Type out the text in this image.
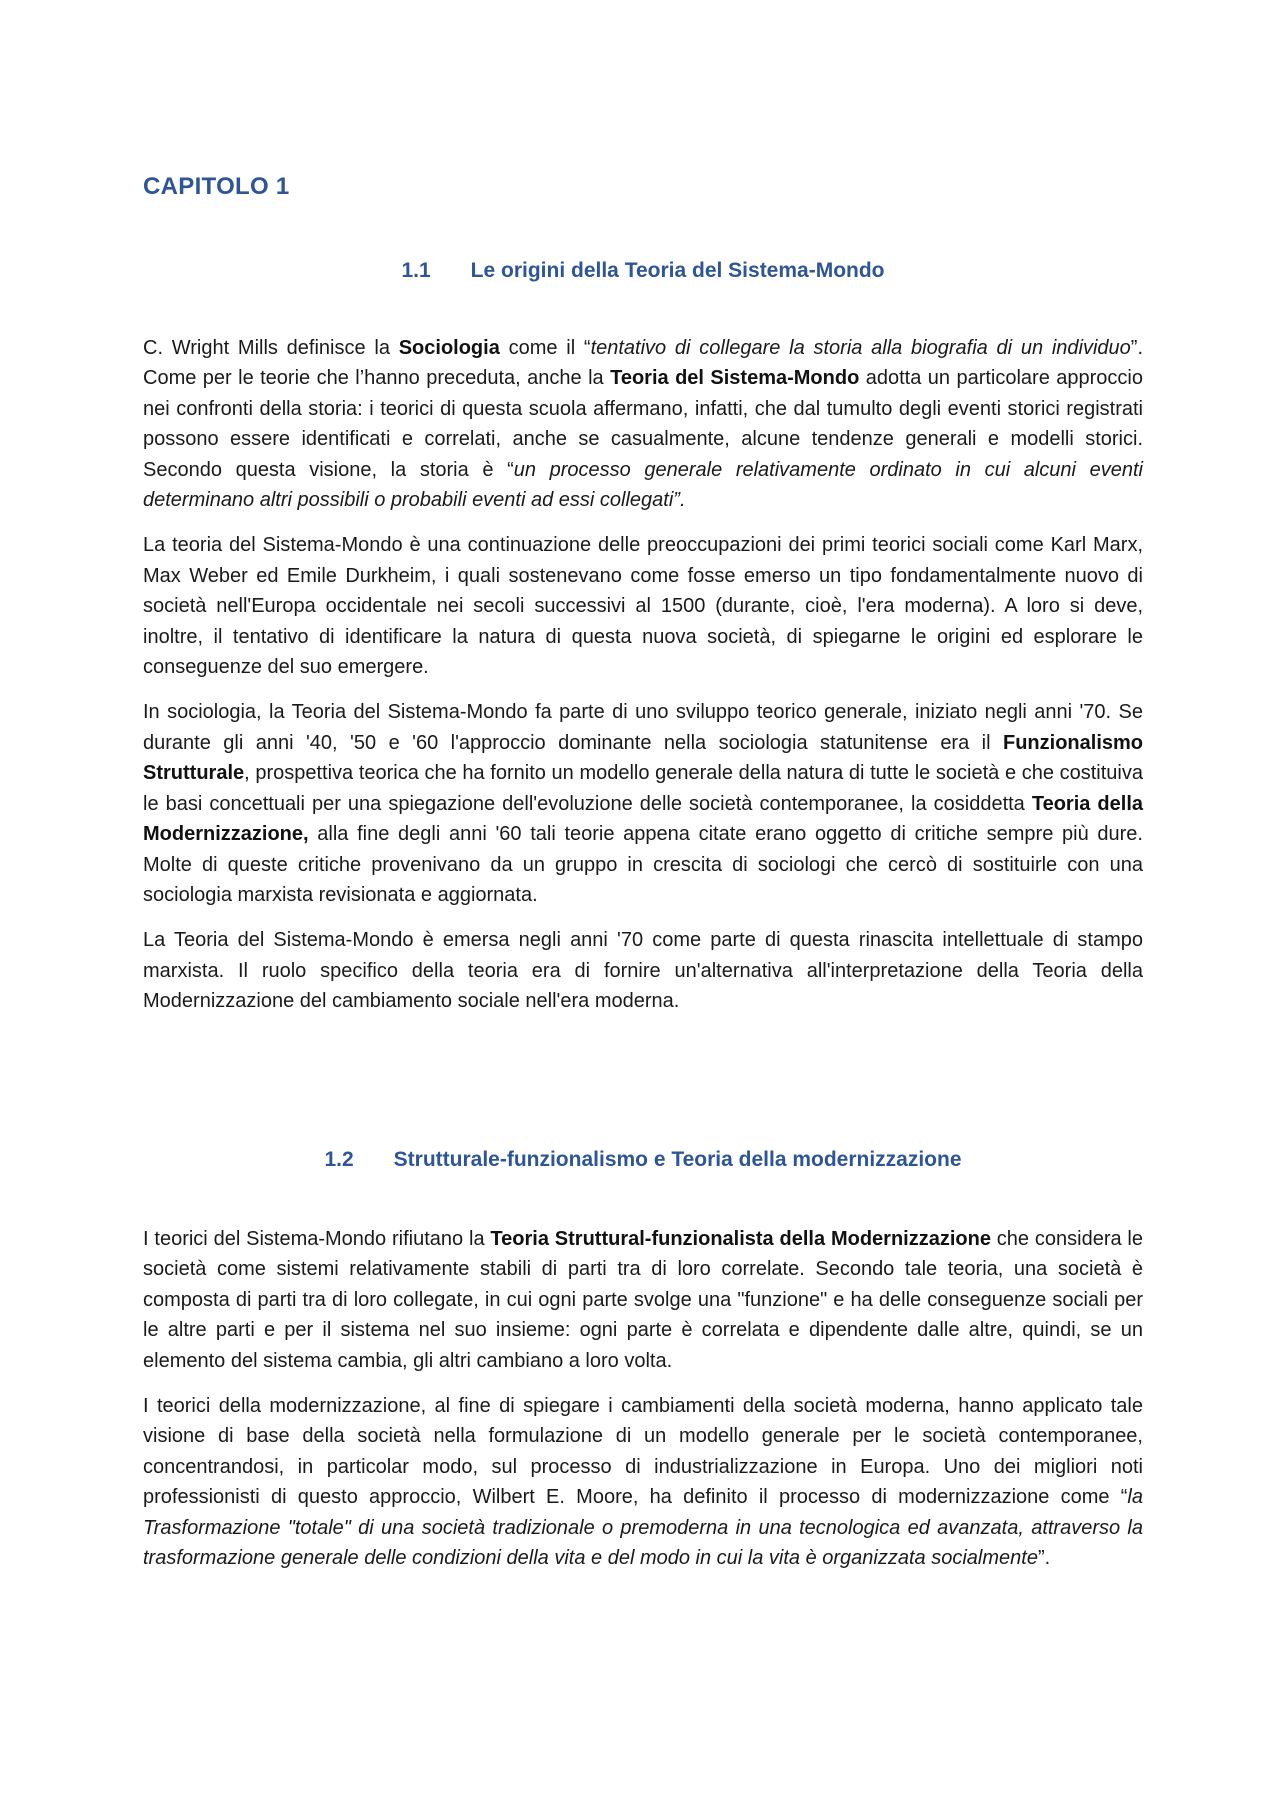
CAPITOLO 1
1.1 Le origini della Teoria del Sistema-Mondo

C. Wright Mills definisce la Sociologia come il “tentativo di collegare la storia alla biografia di un individuo”. Come per le teorie che l’hanno preceduta, anche la Teoria del Sistema-Mondo adotta un particolare approccio nei confronti della storia: i teorici di questa scuola affermano, infatti, che dal tumulto degli eventi storici registrati possono essere identificati e correlati, anche se casualmente, alcune tendenze generali e modelli storici. Secondo questa visione, la storia è “un processo generale relativamente ordinato in cui alcuni eventi determinano altri possibili o probabili eventi ad essi collegati”.

La teoria del Sistema-Mondo è una continuazione delle preoccupazioni dei primi teorici sociali come Karl Marx, Max Weber ed Emile Durkheim, i quali sostenevano come fosse emerso un tipo fondamentalmente nuovo di società nell'Europa occidentale nei secoli successivi al 1500 (durante, cioè, l'era moderna). A loro si deve, inoltre, il tentativo di identificare la natura di questa nuova società, di spiegarne le origini ed esplorare le conseguenze del suo emergere.

In sociologia, la Teoria del Sistema-Mondo fa parte di uno sviluppo teorico generale, iniziato negli anni '70. Se durante gli anni '40, '50 e '60 l'approccio dominante nella sociologia statunitense era il Funzionalismo Strutturale, prospettiva teorica che ha fornito un modello generale della natura di tutte le società e che costituiva le basi concettuali per una spiegazione dell'evoluzione delle società contemporanee, la cosiddetta Teoria della Modernizzazione, alla fine degli anni '60 tali teorie appena citate erano oggetto di critiche sempre più dure. Molte di queste critiche provenivano da un gruppo in crescita di sociologi che cercò di sostituirle con una sociologia marxista revisionata e aggiornata.

La Teoria del Sistema-Mondo è emersa negli anni '70 come parte di questa rinascita intellettuale di stampo marxista. Il ruolo specifico della teoria era di fornire un'alternativa all'interpretazione della Teoria della Modernizzazione del cambiamento sociale nell'era moderna.

1.2 Strutturale-funzionalismo e Teoria della modernizzazione

I teorici del Sistema-Mondo rifiutano la Teoria Struttural-funzionalista della Modernizzazione che considera le società come sistemi relativamente stabili di parti tra di loro correlate. Secondo tale teoria, una società è composta di parti tra di loro collegate, in cui ogni parte svolge una "funzione" e ha delle conseguenze sociali per le altre parti e per il sistema nel suo insieme: ogni parte è correlata e dipendente dalle altre, quindi, se un elemento del sistema cambia, gli altri cambiano a loro volta.

I teorici della modernizzazione, al fine di spiegare i cambiamenti della società moderna, hanno applicato tale visione di base della società nella formulazione di un modello generale per le società contemporanee, concentrandosi, in particolar modo, sul processo di industrializzazione in Europa. Uno dei migliori noti professionisti di questo approccio, Wilbert E. Moore, ha definito il processo di modernizzazione come “la Trasformazione "totale" di una società tradizionale o premoderna in una tecnologica ed avanzata, attraverso la trasformazione generale delle condizioni della vita e del modo in cui la vita è organizzata socialmente”.
